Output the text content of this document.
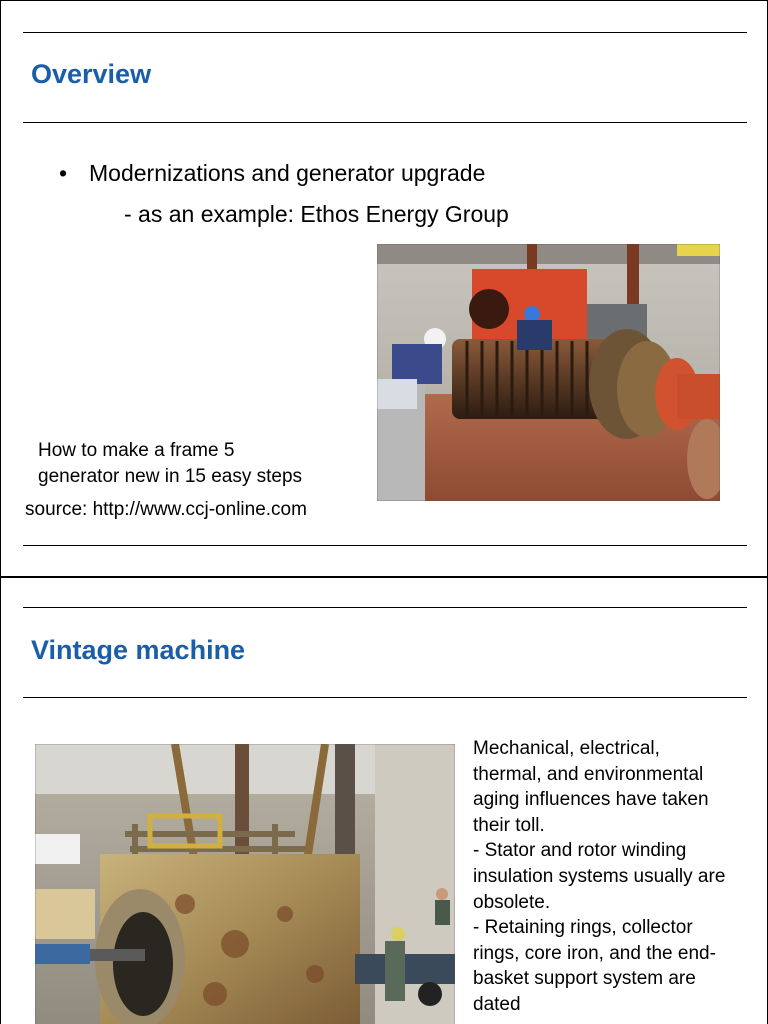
Overview
• Modernizations and generator upgrade
- as an example: Ethos Energy Group
How to make a frame 5
generator new in 15 easy steps
source: http://www.ccj-online.com
Vintage machine
Mechanical, electrical, thermal, and environmental aging influences have taken their toll.
- Stator and rotor winding insulation systems usually are obsolete.
- Retaining rings, collector rings, core iron, and the end-basket support system are dated
